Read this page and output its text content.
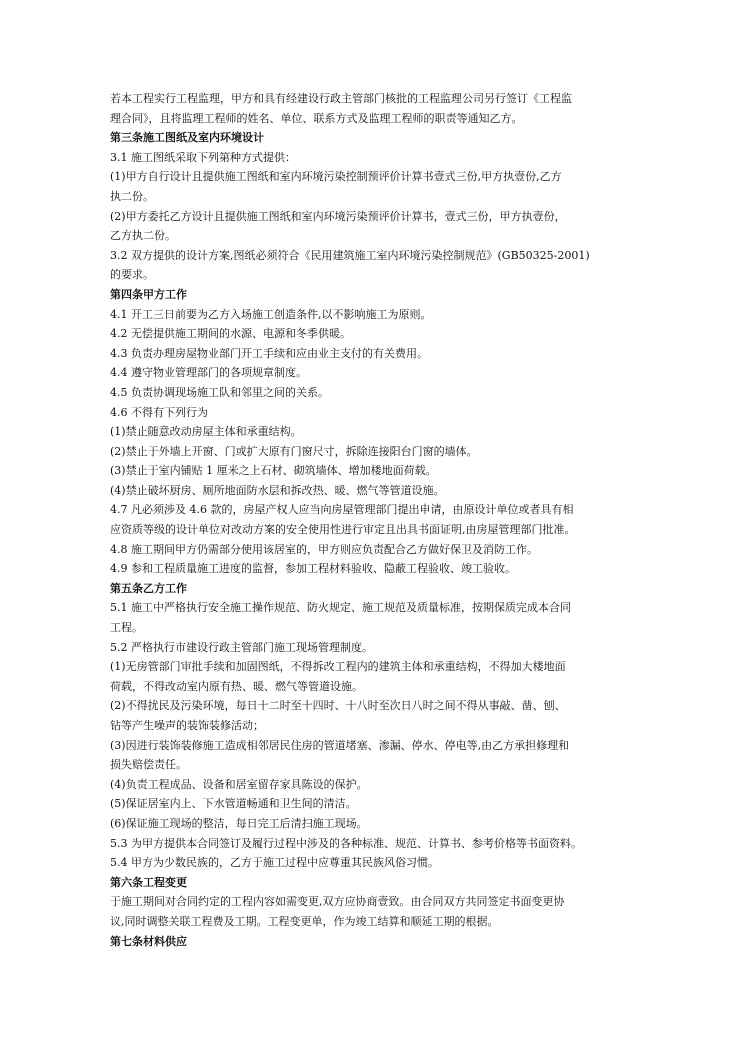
若本工程实行工程监理，甲方和具有经建设行政主管部门核批的工程监理公司另行签订《工程监
理合同》，且将监理工程师的姓名、单位、联系方式及监理工程师的职责等通知乙方。
第三条施工图纸及室内环境设计
3.1 施工图纸采取下列第种方式提供：
(1)甲方自行设计且提供施工图纸和室内环境污染控制预评价计算书壹式三份,甲方执壹份,乙方
执二份。
(2)甲方委托乙方设计且提供施工图纸和室内环境污染预评价计算书，壹式三份，甲方执壹份，
乙方执二份。
3.2 双方提供的设计方案,图纸必须符合《民用建筑施工室内环境污染控制规范》(GB50325-2001)
的要求。
第四条甲方工作
4.1 开工三日前要为乙方入场施工创造条件,以不影响施工为原则。
4.2 无偿提供施工期间的水源、电源和冬季供暖。
4.3 负责办理房屋物业部门开工手续和应由业主支付的有关费用。
4.4 遵守物业管理部门的各项规章制度。
4.5 负责协调现场施工队和邻里之间的关系。
4.6 不得有下列行为
(1)禁止随意改动房屋主体和承重结构。
(2)禁止于外墙上开窗、门或扩大原有门窗尺寸，拆除连接阳台门窗的墙体。
(3)禁止于室内铺贴 1 厘米之上石材、砌筑墙体、增加楼地面荷载。
(4)禁止破坏厨房、厕所地面防水层和拆改热、暖、燃气等管道设施。
4.7 凡必须涉及 4.6 款的，房屋产权人应当向房屋管理部门提出申请，由原设计单位或者具有相
应资质等级的设计单位对改动方案的安全使用性进行审定且出具书面证明,由房屋管理部门批准。
4.8 施工期间甲方仍需部分使用该居室的，甲方则应负责配合乙方做好保卫及消防工作。
4.9 参和工程质量施工进度的监督，参加工程材料验收、隐蔽工程验收、竣工验收。
第五条乙方工作
5.1 施工中严格执行安全施工操作规范、防火规定、施工规范及质量标准，按期保质完成本合同
工程。
5.2 严格执行市建设行政主管部门施工现场管理制度。
(1)无房管部门审批手续和加固图纸，不得拆改工程内的建筑主体和承重结构，不得加大楼地面
荷载，不得改动室内原有热、暖、燃气等管道设施。
(2)不得扰民及污染环境，每日十二时至十四时、十八时至次日八时之间不得从事敲、凿、刨、
钻等产生噪声的装饰装修活动；
(3)因进行装饰装修施工造成相邻居民住房的管道堵塞、渗漏、停水、停电等,由乙方承担修理和
损失赔偿责任。
(4)负责工程成品、设备和居室留存家具陈设的保护。
(5)保证居室内上、下水管道畅通和卫生间的清洁。
(6)保证施工现场的整洁，每日完工后清扫施工现场。
5.3 为甲方提供本合同签订及履行过程中涉及的各种标准、规范、计算书、参考价格等书面资料。
5.4 甲方为少数民族的，乙方于施工过程中应尊重其民族风俗习惯。
第六条工程变更
于施工期间对合同约定的工程内容如需变更,双方应协商壹致。由合同双方共同签定书面变更协
议,同时调整关联工程费及工期。工程变更单，作为竣工结算和顺延工期的根据。
第七条材料供应
